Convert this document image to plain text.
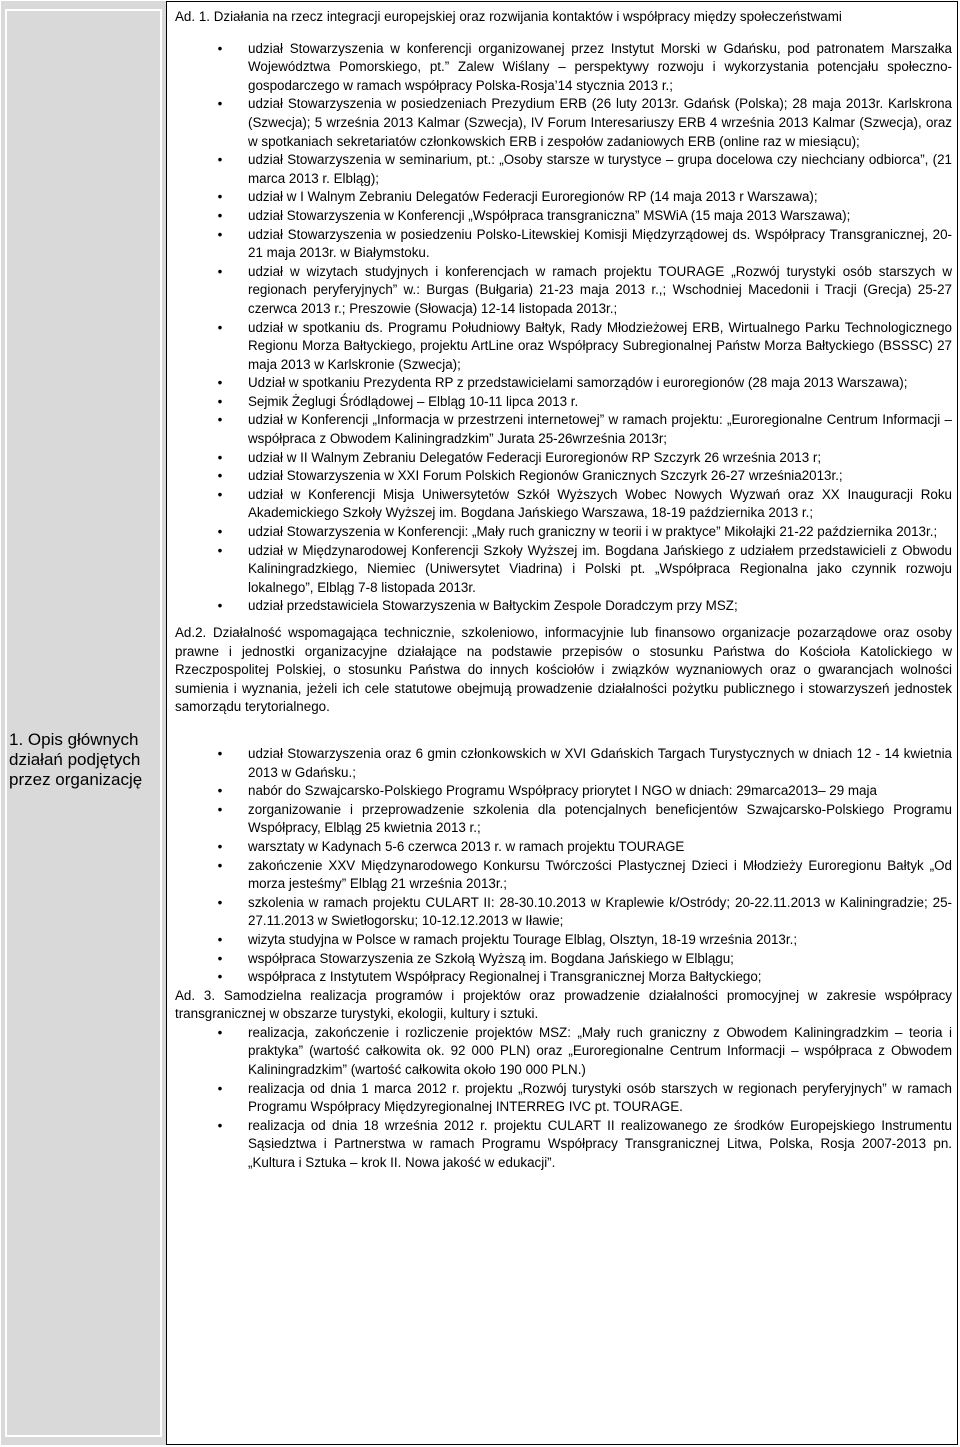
1. Opis głównych działań podjętych przez organizację

Ad. 1. Działania na rzecz integracji europejskiej oraz rozwijania kontaktów i współpracy między społeczeństwami

• udział Stowarzyszenia w konferencji organizowanej przez Instytut Morski w Gdańsku, pod patronatem Marszałka Województwa Pomorskiego, pt.” Zalew Wiślany – perspektywy rozwoju i wykorzystania potencjału społeczno-gospodarczego w ramach współpracy Polska-Rosja’14 stycznia 2013 r.;
• udział Stowarzyszenia w posiedzeniach Prezydium ERB (26 luty 2013r. Gdańsk (Polska); 28 maja 2013r. Karlskrona (Szwecja); 5 września 2013 Kalmar (Szwecja), IV Forum Interesariuszy ERB 4 września 2013 Kalmar (Szwecja), oraz w spotkaniach sekretariatów członkowskich ERB i zespołów zadaniowych ERB (online raz w miesiącu);
• udział Stowarzyszenia w seminarium, pt.: „Osoby starsze w turystyce – grupa docelowa czy niechciany odbiorca”, (21 marca 2013 r. Elbląg);
• udział w I Walnym Zebraniu Delegatów Federacji Euroregionów RP (14 maja 2013 r Warszawa);
• udział Stowarzyszenia w Konferencji „Współpraca transgraniczna” MSWiA (15 maja 2013 Warszawa);
• udział Stowarzyszenia w posiedzeniu Polsko-Litewskiej Komisji Międzyrządowej ds. Współpracy Transgranicznej, 20-21 maja 2013r. w Białymstoku.
• udział w wizytach studyjnych i konferencjach w ramach projektu TOURAGE „Rozwój turystyki osób starszych w regionach peryferyjnych” w.: Burgas (Bułgaria) 21-23 maja 2013 r.,; Wschodniej Macedonii i Tracji (Grecja) 25-27 czerwca 2013 r.; Preszowie (Słowacja) 12-14 listopada 2013r.;
• udział w spotkaniu ds. Programu Południowy Bałtyk, Rady Młodzieżowej ERB, Wirtualnego Parku Technologicznego Regionu Morza Bałtyckiego, projektu ArtLine oraz Współpracy Subregionalnej Państw Morza Bałtyckiego (BSSSC) 27 maja 2013 w Karlskronie (Szwecja);
• Udział w spotkaniu Prezydenta RP z przedstawicielami samorządów i euroregionów (28 maja 2013 Warszawa);
• Sejmik Żeglugi Śródlądowej – Elbląg 10-11 lipca 2013 r.
• udział w Konferencji „Informacja w przestrzeni internetowej” w ramach projektu: „Euroregionalne Centrum Informacji –współpraca z Obwodem Kaliningradzkim” Jurata 25-26września 2013r;
• udział w II Walnym Zebraniu Delegatów Federacji Euroregionów RP Szczyrk 26 września 2013 r;
• udział Stowarzyszenia w XXI Forum Polskich Regionów Granicznych Szczyrk 26-27 września2013r.;
• udział w Konferencji Misja Uniwersytetów Szkół Wyższych Wobec Nowych Wyzwań oraz XX Inauguracji Roku Akademickiego Szkoły Wyższej im. Bogdana Jańskiego Warszawa, 18-19 października 2013 r.;
• udział Stowarzyszenia w Konferencji: „Mały ruch graniczny w teorii i w praktyce” Mikołajki 21-22 października 2013r.;
• udział w Międzynarodowej Konferencji Szkoły Wyższej im. Bogdana Jańskiego z udziałem przedstawicieli z Obwodu Kaliningradzkiego, Niemiec (Uniwersytet Viadrina) i Polski pt. „Współpraca Regionalna jako czynnik rozwoju lokalnego”, Elbląg 7-8 listopada 2013r.
• udział przedstawiciela Stowarzyszenia w Bałtyckim Zespole Doradczym przy MSZ;

Ad.2. Działalność wspomagająca technicznie, szkoleniowo, informacyjnie lub finansowo organizacje pozarządowe oraz osoby prawne i jednostki organizacyjne działające na podstawie przepisów o stosunku Państwa do Kościoła Katolickiego w Rzeczpospolitej Polskiej, o stosunku Państwa do innych kościołów i związków wyznaniowych oraz o gwarancjach wolności sumienia i wyznania, jeżeli ich cele statutowe obejmują prowadzenie działalności pożytku publicznego i stowarzyszeń jednostek samorządu terytorialnego.

• udział Stowarzyszenia oraz 6 gmin członkowskich w XVI Gdańskich Targach Turystycznych w dniach 12 - 14 kwietnia 2013 w Gdańsku.;
• nabór do Szwajcarsko-Polskiego Programu Współpracy priorytet I NGO w dniach: 29marca2013– 29 maja
• zorganizowanie i przeprowadzenie szkolenia dla potencjalnych beneficjentów Szwajcarsko-Polskiego Programu Współpracy, Elbląg 25 kwietnia 2013 r.;
• warsztaty w Kadynach 5-6 czerwca 2013 r. w ramach projektu TOURAGE
• zakończenie XXV Międzynarodowego Konkursu Twórczości Plastycznej Dzieci i Młodzieży Euroregionu Bałtyk „Od morza jesteśmy” Elbląg 21 września 2013r.;
• szkolenia w ramach projektu CULART II: 28-30.10.2013 w Kraplewie k/Ostródy; 20-22.11.2013 w Kaliningradzie; 25-27.11.2013 w Swietłogorsku; 10-12.12.2013 w Iławie;
• wizyta studyjna w Polsce w ramach projektu Tourage Elblag, Olsztyn, 18-19 września 2013r.;
• współpraca Stowarzyszenia ze Szkołą Wyższą im. Bogdana Jańskiego w Elblągu;
• współpraca z Instytutem Współpracy Regionalnej i Transgranicznej Morza Bałtyckiego;

Ad. 3. Samodzielna realizacja programów i projektów oraz prowadzenie działalności promocyjnej w zakresie współpracy transgranicznej w obszarze turystyki, ekologii, kultury i sztuki.

• realizacja, zakończenie i rozliczenie projektów MSZ: „Mały ruch graniczny z Obwodem Kaliningradzkim – teoria i praktyka” (wartość całkowita ok. 92 000 PLN) oraz „Euroregionalne Centrum Informacji – współpraca z Obwodem Kaliningradzkim” (wartość całkowita około 190 000 PLN.)
• realizacja od dnia 1 marca 2012 r. projektu „Rozwój turystyki osób starszych w regionach peryferyjnych” w ramach Programu Współpracy Międzyregionalnej INTERREG IVC pt. TOURAGE.
• realizacja od dnia 18 września 2012 r. projektu CULART II realizowanego ze środków Europejskiego Instrumentu Sąsiedztwa i Partnerstwa w ramach Programu Współpracy Transgranicznej Litwa, Polska, Rosja 2007-2013 pn. „Kultura i Sztuka – krok II. Nowa jakość w edukacji”.
